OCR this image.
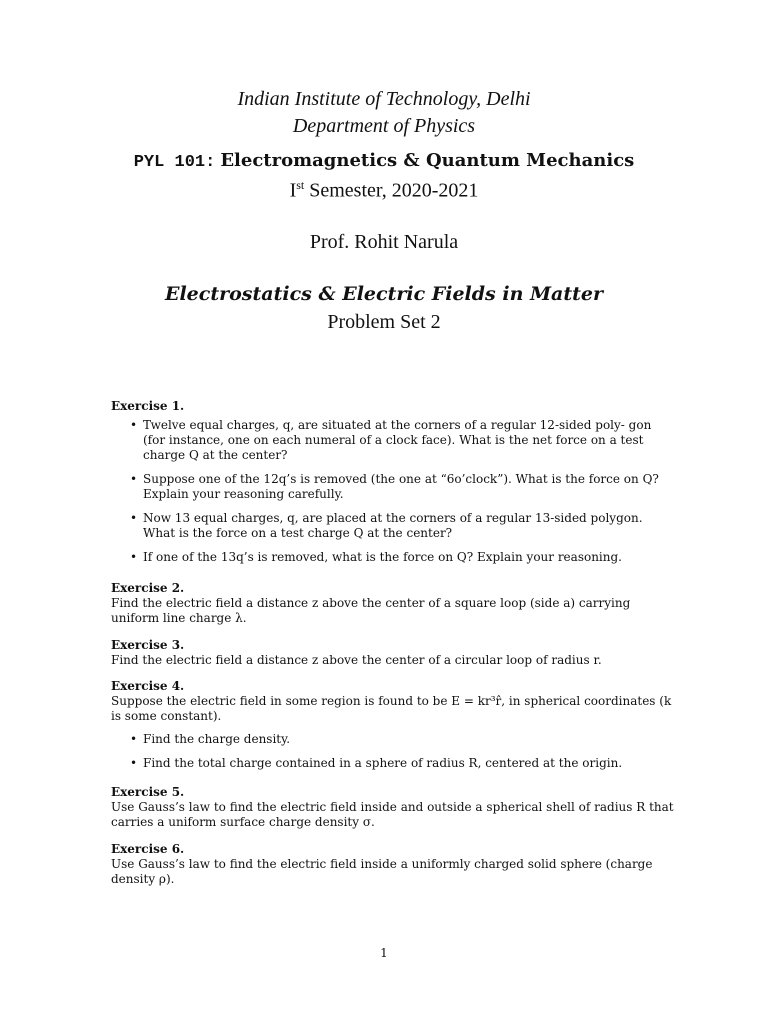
Indian Institute of Technology, Delhi
Department of Physics
PYL 101: Electromagnetics & Quantum Mechanics
Ist Semester, 2020-2021
Prof. Rohit Narula
Electrostatics & Electric Fields in Matter
Problem Set 2
Exercise 1.
• Twelve equal charges, q, are situated at the corners of a regular 12-sided poly- gon (for instance, one on each numeral of a clock face). What is the net force on a test charge Q at the center?
• Suppose one of the 12q’s is removed (the one at “6o’clock”). What is the force on Q? Explain your reasoning carefully.
• Now 13 equal charges, q, are placed at the corners of a regular 13-sided polygon. What is the force on a test charge Q at the center?
• If one of the 13q’s is removed, what is the force on Q? Explain your reasoning.
Exercise 2.

Find the electric field a distance z above the center of a square loop (side a) carrying uniform line charge λ.

Exercise 3.

Find the electric field a distance z above the center of a circular loop of radius r.

Exercise 4.

Suppose the electric field in some region is found to be E = kr³r̂, in spherical coordinates (k is some constant).

• Find the charge density.
• Find the total charge contained in a sphere of radius R, centered at the origin.
Exercise 5.

Use Gauss’s law to find the electric field inside and outside a spherical shell of radius R that carries a uniform surface charge density σ.

Exercise 6.

Use Gauss’s law to find the electric field inside a uniformly charged solid sphere (charge density ρ).

1
